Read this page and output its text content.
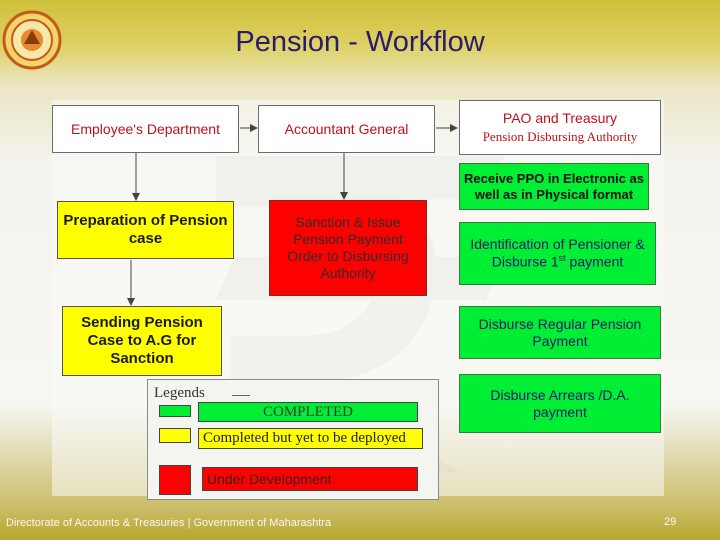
Pension - Workflow
Employee's Department	Accountant General
PAO and Treasury
Pension Disbursing Authority
Preparation of Pension case
Sending Pension Case to A.G for Sanction
Sanction & Issue Pension Payment Order to Disbursing Authority
Receive PPO in Electronic as well as in Physical format
Identification of Pensioner & Disburse 1st payment
Disburse Regular Pension Payment
Disburse Arrears /D.A. payment
Legends
COMPLETED
Completed but yet to be deployed
Under Development
Directorate of Accounts & Treasuries | Government of Maharashtra	29
